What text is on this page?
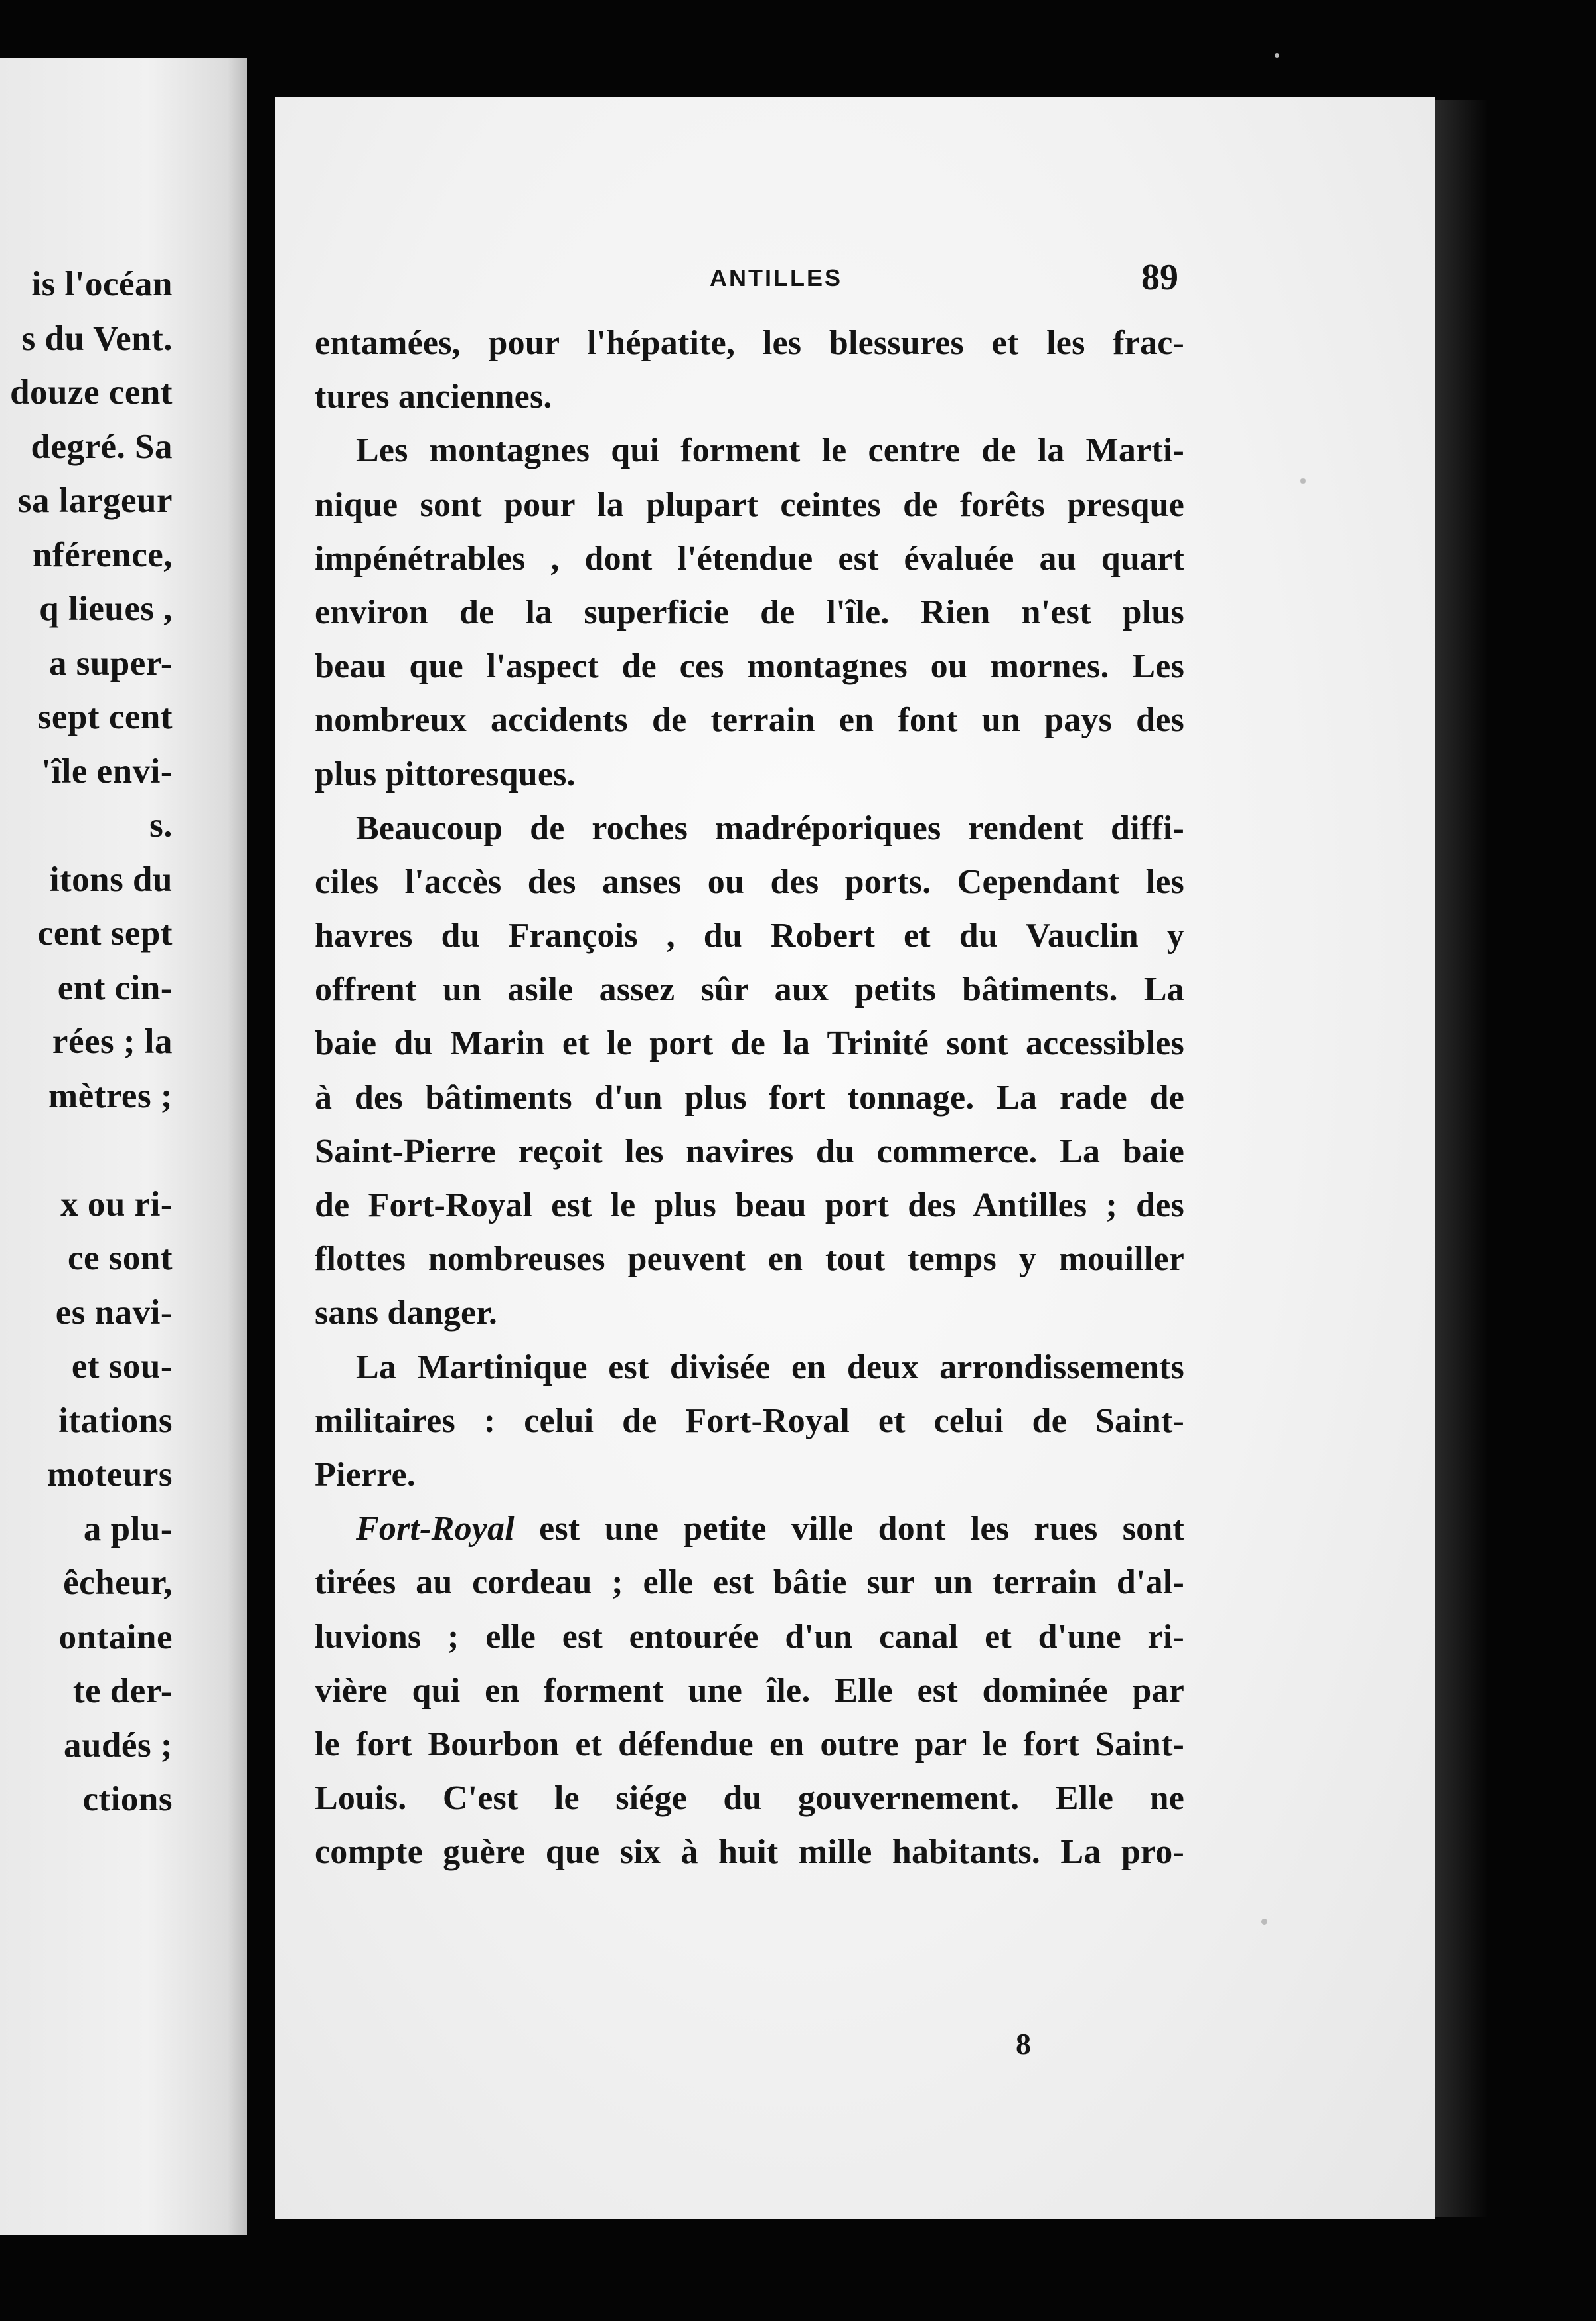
is l'océan
s du Vent.
douze cent
degré. Sa
sa largeur
nférence,
q lieues ,
a super-
sept cent
'île envi-
s.
itons du
cent sept
ent cin-
rées ; la
mètres ;
x ou ri-
ce sont
es navi-
et sou-
itations
moteurs
a plu-
êcheur,
ontaine
te der-
audés ;
ctions
ANTILLES	89
entamées, pour l'hépatite, les blessures et les frac-
tures anciennes.
Les montagnes qui forment le centre de la Marti-
nique sont pour la plupart ceintes de forêts presque
impénétrables , dont l'étendue est évaluée au quart
environ de la superficie de l'île. Rien n'est plus
beau que l'aspect de ces montagnes ou mornes. Les
nombreux accidents de terrain en font un pays des
plus pittoresques.
Beaucoup de roches madréporiques rendent diffi-
ciles l'accès des anses ou des ports. Cependant les
havres du François , du Robert et du Vauclin y
offrent un asile assez sûr aux petits bâtiments. La
baie du Marin et le port de la Trinité sont accessibles
à des bâtiments d'un plus fort tonnage. La rade de
Saint-Pierre reçoit les navires du commerce. La baie
de Fort-Royal est le plus beau port des Antilles ; des
flottes nombreuses peuvent en tout temps y mouiller
sans danger.
La Martinique est divisée en deux arrondissements
militaires : celui de Fort-Royal et celui de Saint-
Pierre.
Fort-Royal est une petite ville dont les rues sont
tirées au cordeau ; elle est bâtie sur un terrain d'al-
luvions ; elle est entourée d'un canal et d'une ri-
vière qui en forment une île. Elle est dominée par
le fort Bourbon et défendue en outre par le fort Saint-
Louis. C'est le siége du gouvernement. Elle ne
compte guère que six à huit mille habitants. La pro-
8
